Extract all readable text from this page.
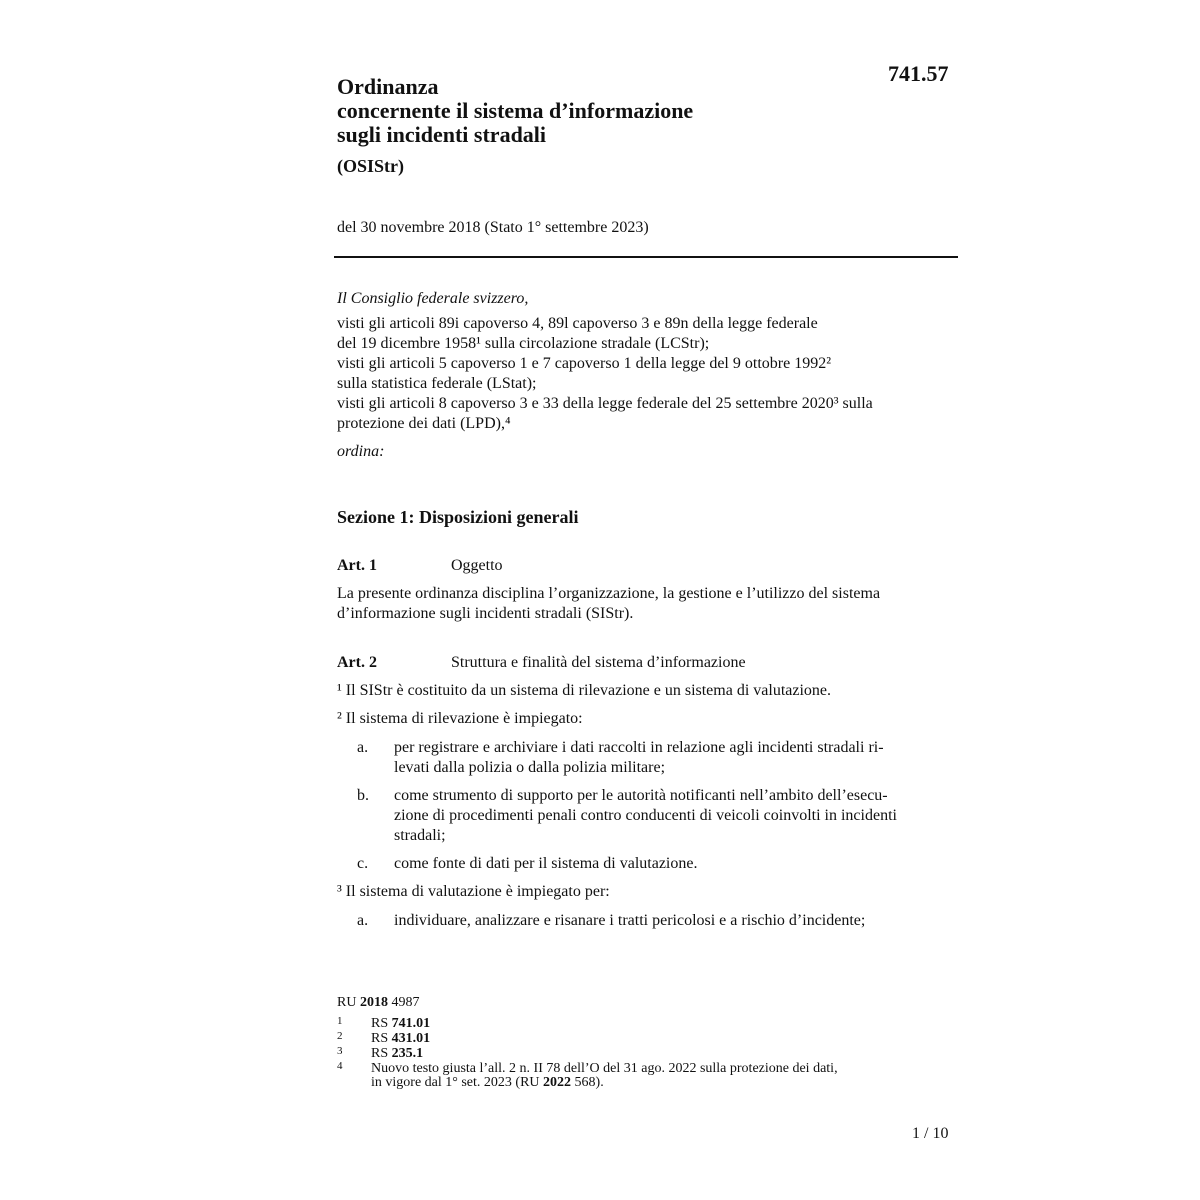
741.57
Ordinanza
concernente il sistema d’informazione
sugli incidenti stradali
(OSIStr)
del 30 novembre 2018 (Stato 1° settembre 2023)
Il Consiglio federale svizzero,
visti gli articoli 89i capoverso 4, 89l capoverso 3 e 89n della legge federale
del 19 dicembre 1958¹ sulla circolazione stradale (LCStr);
visti gli articoli 5 capoverso 1 e 7 capoverso 1 della legge del 9 ottobre 1992²
sulla statistica federale (LStat);
visti gli articoli 8 capoverso 3 e 33 della legge federale del 25 settembre 2020³ sulla
protezione dei dati (LPD),⁴
ordina:
Sezione 1: Disposizioni generali
Art. 1	Oggetto
La presente ordinanza disciplina l’organizzazione, la gestione e l’utilizzo del sistema
d’informazione sugli incidenti stradali (SIStr).
Art. 2	Struttura e finalità del sistema d’informazione
¹ Il SIStr è costituito da un sistema di rilevazione e un sistema di valutazione.
² Il sistema di rilevazione è impiegato:
a. per registrare e archiviare i dati raccolti in relazione agli incidenti stradali ri-
levati dalla polizia o dalla polizia militare;
b. come strumento di supporto per le autorità notificanti nell’ambito dell’esecu-
zione di procedimenti penali contro conducenti di veicoli coinvolti in incidenti
stradali;
c. come fonte di dati per il sistema di valutazione.
³ Il sistema di valutazione è impiegato per:
a. individuare, analizzare e risanare i tratti pericolosi e a rischio d’incidente;
RU 2018 4987
1 RS 741.01
2 RS 431.01
3 RS 235.1
4 Nuovo testo giusta l’all. 2 n. II 78 dell’O del 31 ago. 2022 sulla protezione dei dati,
in vigore dal 1° set. 2023 (RU 2022 568).
1 / 10
